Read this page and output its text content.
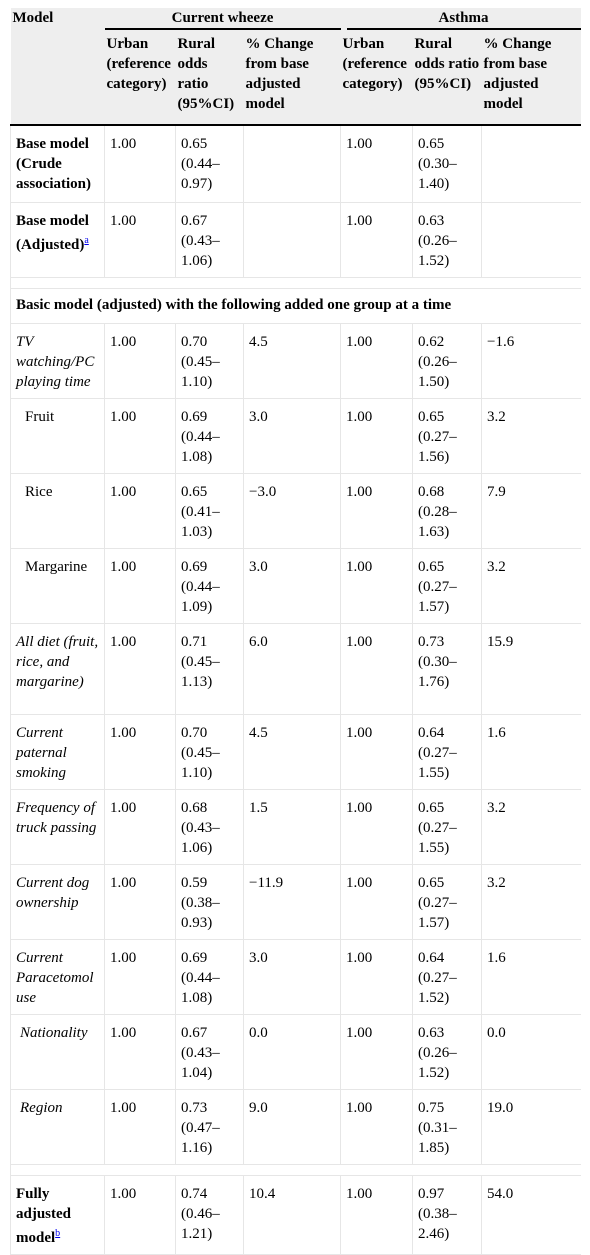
Model	Current wheeze			Asthma		

	Urban (reference category)	Rural odds ratio (95%CI)	% Change from base adjusted model	Urban (reference category)	Rural odds ratio (95%CI)	% Change from base adjusted model
Base model (Crude association)	1.00	0.65 (0.44–0.97)		1.00	0.65 (0.30–1.40)	
Base model (Adjusted)$^a$	1.00	0.67 (0.43–1.06)		1.00	0.63 (0.26–1.52)	

Basic model (adjusted) with the following added one group at a time						
TV watching/PC playing time	1.00	0.70 (0.45–1.10)	4.5	1.00	0.62 (0.26–1.50)	−1.6
Fruit	1.00	0.69 (0.44–1.08)	3.0	1.00	0.65 (0.27–1.56)	3.2
Rice	1.00	0.65 (0.41–1.03)	−3.0	1.00	0.68 (0.28–1.63)	7.9
Margarine	1.00	0.69 (0.44–1.09)	3.0	1.00	0.65 (0.27–1.57)	3.2
All diet (fruit, rice, and margarine)	1.00	0.71 (0.45–1.13)	6.0	1.00	0.73 (0.30–1.76)	15.9
Current paternal smoking	1.00	0.70 (0.45–1.10)	4.5	1.00	0.64 (0.27–1.55)	1.6
Frequency of truck passing	1.00	0.68 (0.43–1.06)	1.5	1.00	0.65 (0.27–1.55)	3.2
Current dog ownership	1.00	0.59 (0.38–0.93)	−11.9	1.00	0.65 (0.27–1.57)	3.2
Current Paracetomol use	1.00	0.69 (0.44–1.08)	3.0	1.00	0.64 (0.27–1.52)	1.6
Nationality	1.00	0.67 (0.43–1.04)	0.0	1.00	0.63 (0.26–1.52)	0.0
Region	1.00	0.73 (0.47–1.16)	9.0	1.00	0.75 (0.31–1.85)	19.0

Fully adjusted model$^b$	1.00	0.74 (0.46–1.21)	10.4	1.00	0.97 (0.38–2.46)	54.0
